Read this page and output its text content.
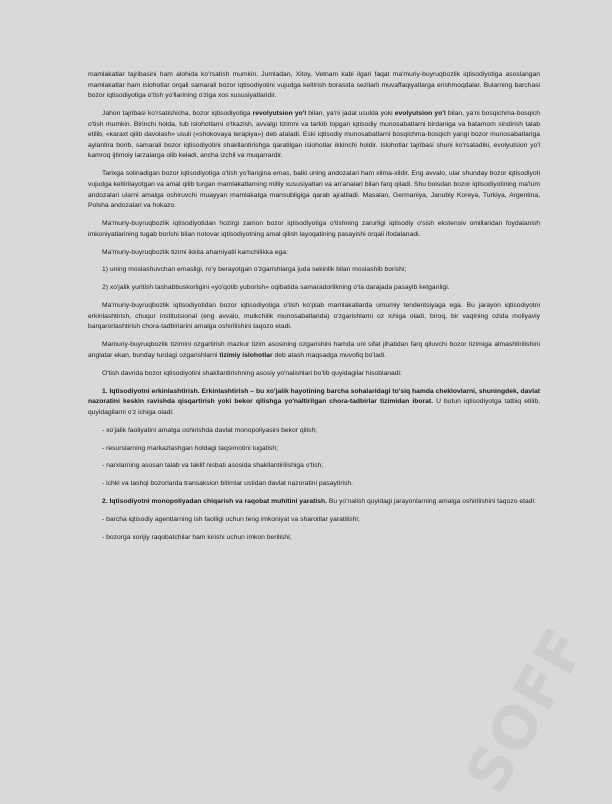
SOFF

mamlakatlar tajribasini ham alohida ko'rsatish mumkin. Jumladan, Xitoy, Vetnam kabi ilgari faqat ma'muriy-buyruqbozlik iqtisodiyotiga asoslangan mamlakatlar ham islohotlar orqali samarali bozor iqtisodiyotini vujudga keltirish borasida sezilarli muvaffaqiyatlarga erishmoqdalar. Bularning barchasi bozor iqtisodiyotiga o'tish yo'llarining o'ziga xos xususiyatlaridir.

Jahon tajribasi ko'rsatishicha, bozor iqtisodiyotiga revolyutsion yo'l bilan, ya'ni jadal usulda yoki evolyutsion yo'l bilan, ya'ni bosqichma-bosqich o'tish mumkin. Birinchi holda, tub islohotlarni o'tkazish, avvalgi tizimni va tarkib topgan iqtisodiy munosabatlarni birdaniga va batamom sindirish talab etilib, «karaxt qilib davolash» usuli («shokovaya terapiya») deb ataladi. Eski iqtisodiy munosabatlarni bosqichma-bosqich yangi bozor munosabatlariga aylantira borib, samarali bozor iqtisodiyotini shakllantirishga qaratilgan islohotlar ikkinchi holdir. Islohotlar tajribasi shuni ko'rsatadiki, evolyutsion yo'l kamroq ijtimoiy larzalarga olib keladi, ancha izchil va muqarrardir.

Tarixga solinadigan bozor iqtisodiyotiga o'tish yo'llarigina emas, balki uning andozalari ham xilma-xildir. Eng avvalo, ular shunday bozor iqtisodiyoti vujudga keltirilayotgan va amal qilib turgan mamlakatlarning milliy xususiyatlari va an'analari bilan farq qiladi. Shu boisdan bozor iqtisodiyotining ma'lum andozalari ularni amalga oshiruvchi muayyan mamlakatga mansubligiga qarab ajratiladi. Masalan, Germaniya, Janubiy Koreya, Turkiya, Argentina, Polsha andozalari va hokazo.

Ma'muriy-buyruqbozlik iqtisodiyotidan hozirgi zamon bozor iqtisodiyotiga o'tishning zarurligi iqtisodiy o'sish ekstensiv omillaridan foydalanish imkoniyatlarining tugab borishi bilan notovar iqtisodiyotning amal qilish layoqatining pasayishi orqali ifodalanadi.

Ma'muriy-buyruqbozlik tizimi ikkita ahamiyatli kamchilikka ega:

1) uning moslashuvchan emasligi, ro'y berayotgan o'zgarishlarga juda sekinlik bilan moslashib borishi;

2) xo'jalik yuritish tashabbuskorligini «yo'qotib yuborish» oqibatida samaradorlikning o'ta darajada pasayib ketganligi.

Ma'muriy-buyruqbozlik iqtisodiyotidan bozor iqtisodiyotiga o'tish ko'plab mamlakatlarda umumiy tendentsiyaga ega. Bu jarayon iqtisodiyotni erkinlashtirish, chuqur institutsional (eng avvalo, mulkchilik munosabatlarida) o'zgarishlarni oz ichiga oladi, biroq, bir vaqtning ozida moliyaviy barqarorlashtirish chora-tadbirlarini amalga oshirilishini taqozo etadi.

Mamuriy-buyruqbozlik tizimini ozgartirish mazkur tizim asosining ozgarishini hamda uni sifat jihatidan farq qiluvchi bozor tizimiga almashtirilishini anglatar ekan, bunday turdagi ozgarishlarni tizimiy islohotlar deb atash maqsadga muvofiq bo'ladi.

O'tish davrida bozor iqtisodiyotini shakllantirishning asosiy yo'nalishlari bo'lib quyidagilar hisoblanadi:

1. Iqtisodiyotni erkinlashtirish. Erkinlashtirish – bu xo'jalik hayotining barcha sohalaridagi to'siq hamda cheklovlarni, shuningdek, davlat nazoratini keskin ravishda qisqartirish yoki bekor qilishga yo'naltirilgan chora-tadbirlar tizimidan iborat. U butun iqtisodiyotga tatbiq etilib, quyidagilarni o'z ichiga oladi:

- xo'jalik faoliyatini amalga oshirishda davlat monopoliyasini bekor qilish;

- resurslarning markazlashgan holdagi taqsimotini tugatish;

- narxlarning asosan talab va taklif nisbati asosida shakllantirilishiga o'tish;

- ichki va tashqi bozorlarda transaksion bitimlar ustidan davlat nazoratini pasaytirish.

2. Iqtisodiyotni monopoliyadan chiqarish va raqobat muhitini yaratish. Bu yo'nalish quyidagi jarayonlarning amalga oshirilishini taqozo etadi:

- barcha iqtisodiy agentlarning ish faolligi uchun teng imkoniyat va sharoitlar yaratilishi;

- bozorga xorijiy raqobatchilar ham kirishi uchun imkon berilishi;
